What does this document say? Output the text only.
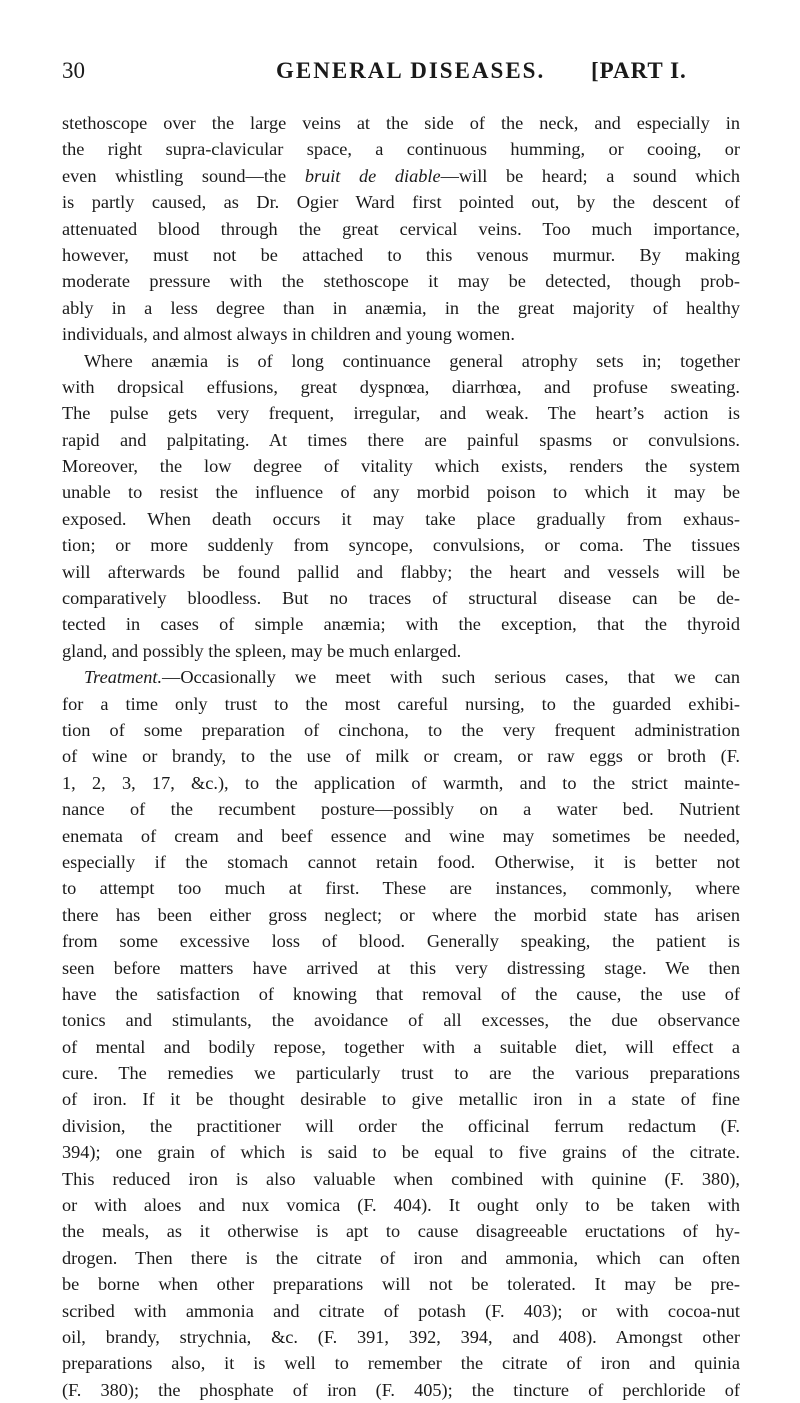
30	GENERAL DISEASES. [PART I.
stethoscope over the large veins at the side of the neck, and especially in
the right supra-clavicular space, a continuous humming, or cooing, or
even whistling sound—the bruit de diable—will be heard; a sound which
is partly caused, as Dr. Ogier Ward first pointed out, by the descent of
attenuated blood through the great cervical veins. Too much importance,
however, must not be attached to this venous murmur. By making
moderate pressure with the stethoscope it may be detected, though prob-
ably in a less degree than in anæmia, in the great majority of healthy
individuals, and almost always in children and young women.
Where anæmia is of long continuance general atrophy sets in; together
with dropsical effusions, great dyspnœa, diarrhœa, and profuse sweating.
The pulse gets very frequent, irregular, and weak. The heart’s action is
rapid and palpitating. At times there are painful spasms or convulsions.
Moreover, the low degree of vitality which exists, renders the system
unable to resist the influence of any morbid poison to which it may be
exposed. When death occurs it may take place gradually from exhaus-
tion; or more suddenly from syncope, convulsions, or coma. The tissues
will afterwards be found pallid and flabby; the heart and vessels will be
comparatively bloodless. But no traces of structural disease can be de-
tected in cases of simple anæmia; with the exception, that the thyroid
gland, and possibly the spleen, may be much enlarged.
Treatment.—Occasionally we meet with such serious cases, that we can
for a time only trust to the most careful nursing, to the guarded exhibi-
tion of some preparation of cinchona, to the very frequent administration
of wine or brandy, to the use of milk or cream, or raw eggs or broth (F.
1, 2, 3, 17, &c.), to the application of warmth, and to the strict mainte-
nance of the recumbent posture—possibly on a water bed. Nutrient
enemata of cream and beef essence and wine may sometimes be needed,
especially if the stomach cannot retain food. Otherwise, it is better not
to attempt too much at first. These are instances, commonly, where
there has been either gross neglect; or where the morbid state has arisen
from some excessive loss of blood. Generally speaking, the patient is
seen before matters have arrived at this very distressing stage. We then
have the satisfaction of knowing that removal of the cause, the use of
tonics and stimulants, the avoidance of all excesses, the due observance
of mental and bodily repose, together with a suitable diet, will effect a
cure. The remedies we particularly trust to are the various preparations
of iron. If it be thought desirable to give metallic iron in a state of fine
division, the practitioner will order the officinal ferrum redactum (F.
394); one grain of which is said to be equal to five grains of the citrate.
This reduced iron is also valuable when combined with quinine (F. 380),
or with aloes and nux vomica (F. 404). It ought only to be taken with
the meals, as it otherwise is apt to cause disagreeable eructations of hy-
drogen. Then there is the citrate of iron and ammonia, which can often
be borne when other preparations will not be tolerated. It may be pre-
scribed with ammonia and citrate of potash (F. 403); or with cocoa-nut
oil, brandy, strychnia, &c. (F. 391, 392, 394, and 408). Amongst other
preparations also, it is well to remember the citrate of iron and quinia
(F. 380); the phosphate of iron (F. 405); the tincture of perchloride of
